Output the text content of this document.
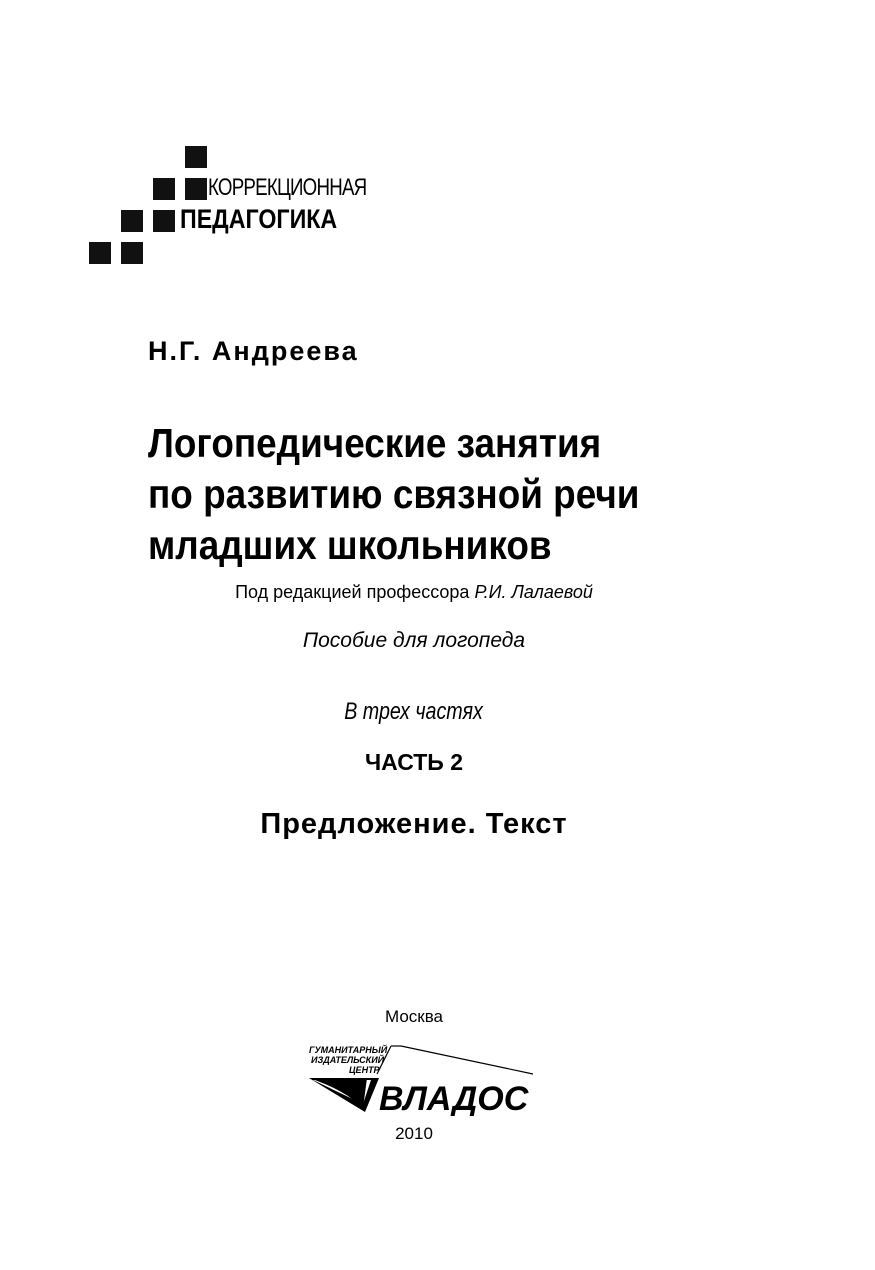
КОРРЕКЦИОННАЯ
ПЕДАГОГИКА
Н.Г. Андреева
Логопедические занятия
по развитию связной речи
младших школьников
Под редакцией профессора Р.И. Лалаевой
Пособие для логопеда
В трех частях
ЧАСТЬ 2
Предложение. Текст
Москва
ГУМАНИТАРНЫЙ
ИЗДАТЕЛЬСКИЙ
ЦЕНТР
ВЛАДОС
2010
